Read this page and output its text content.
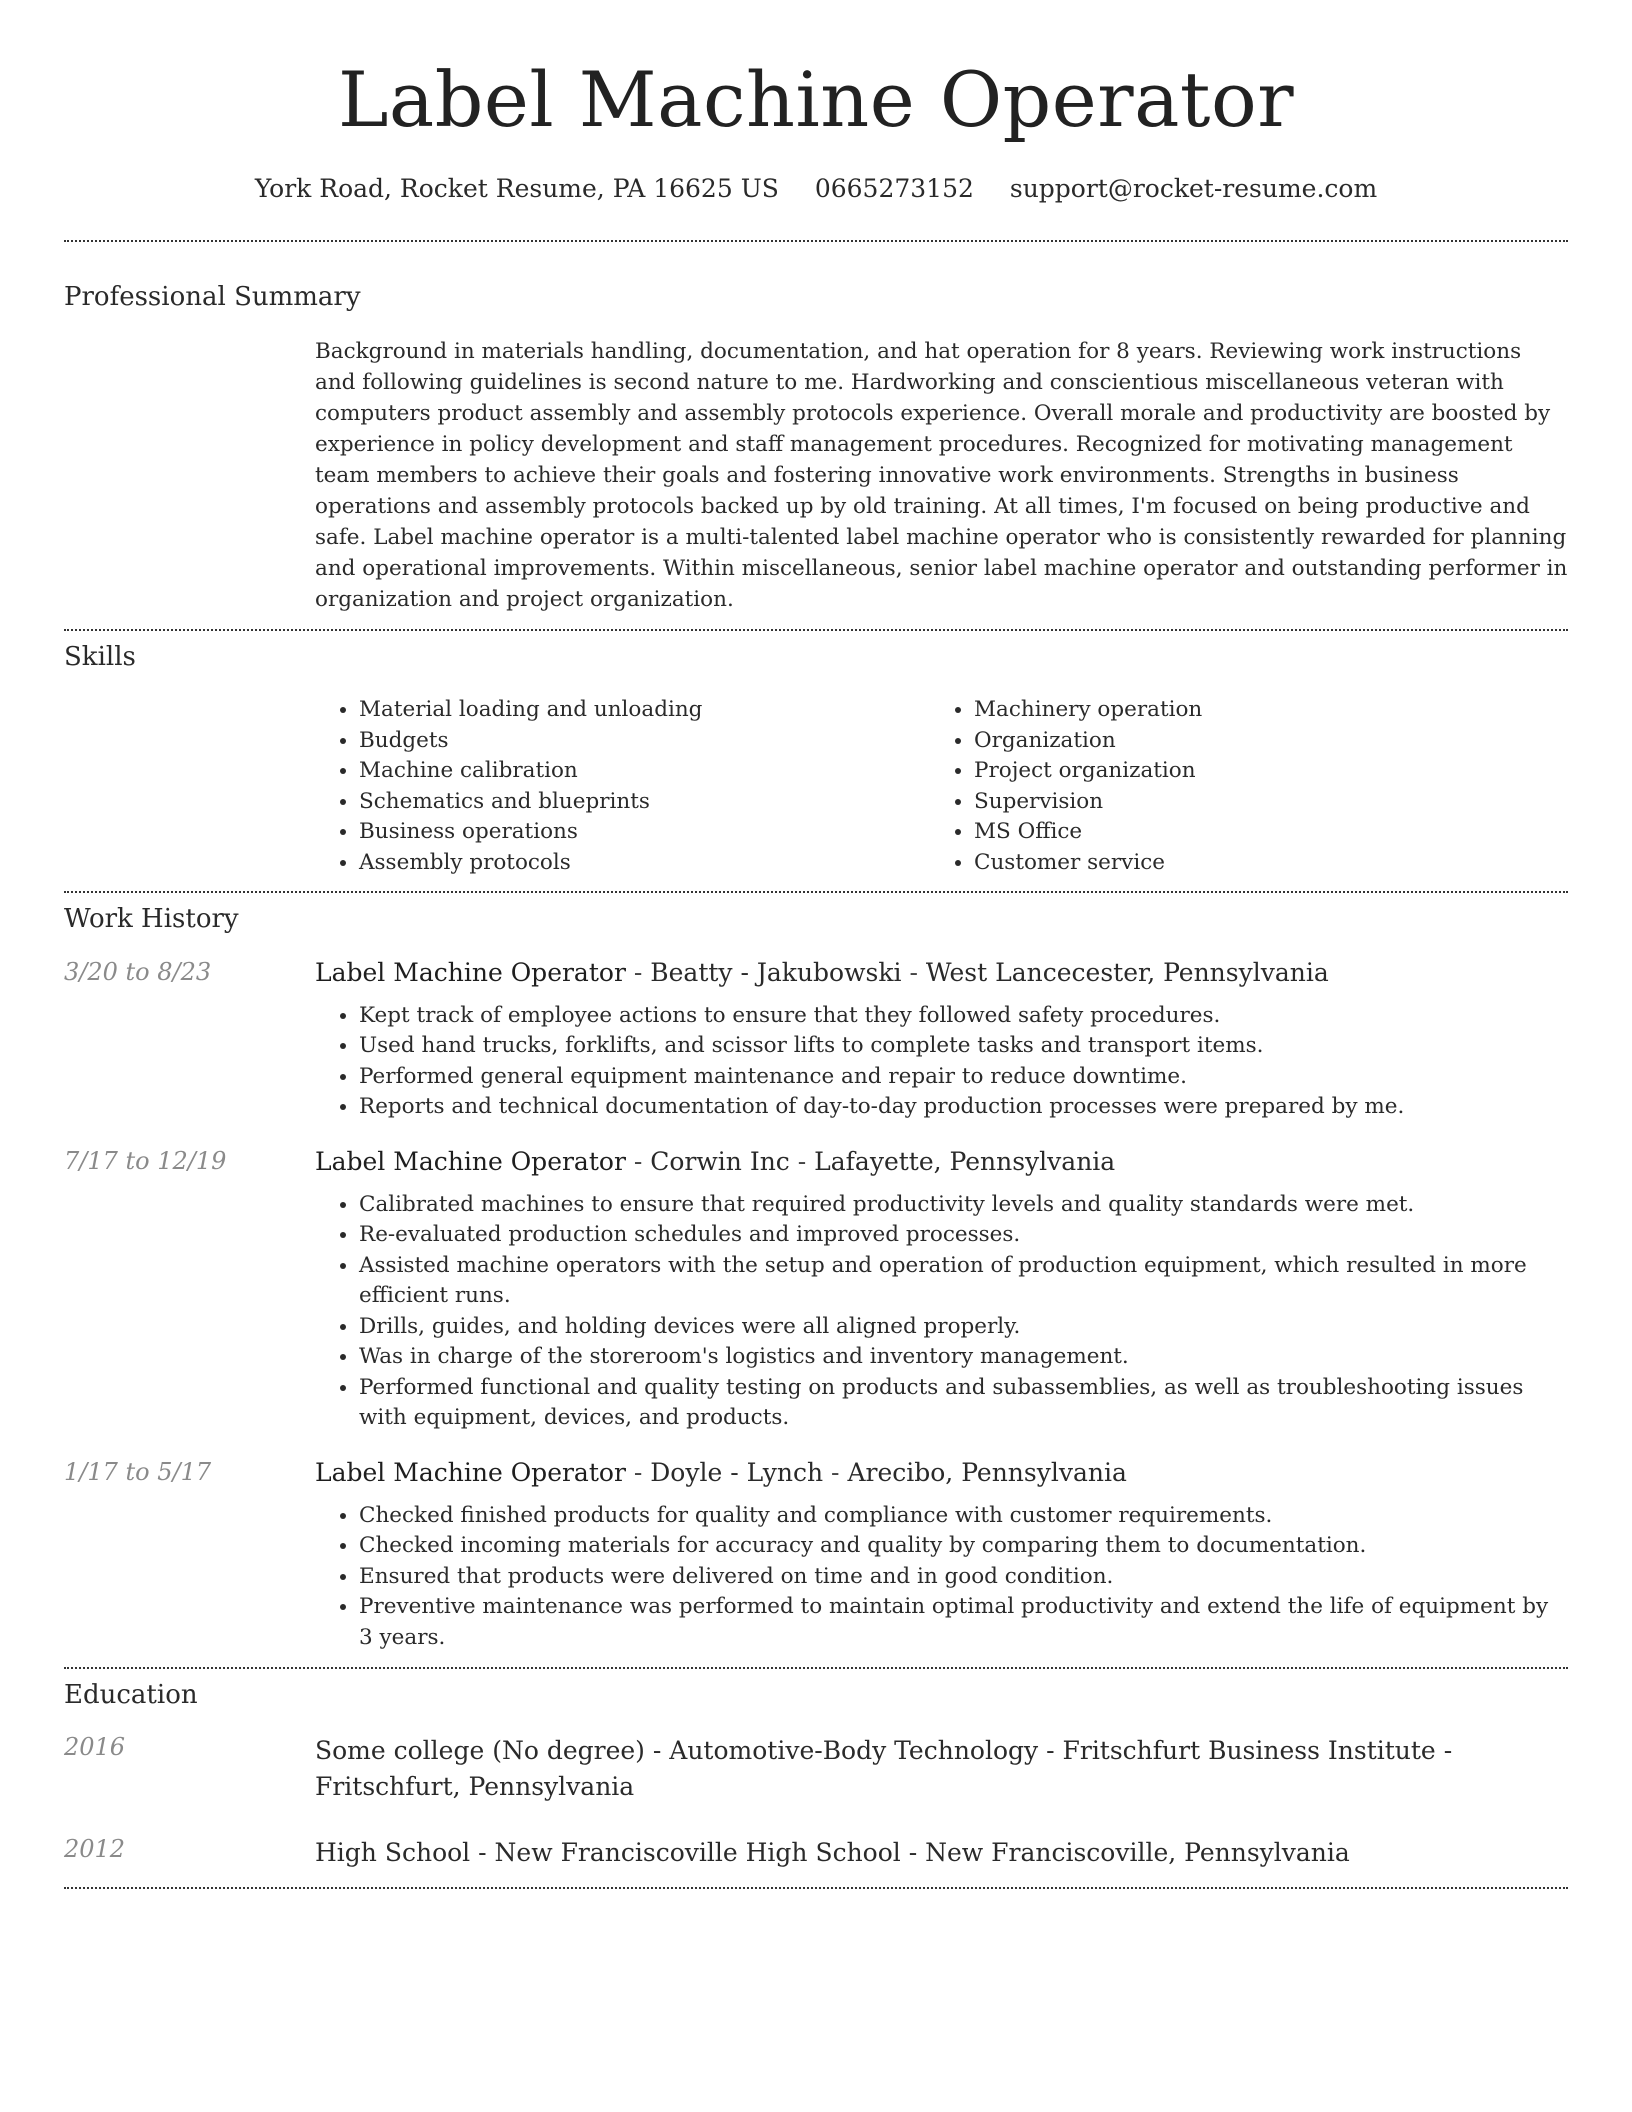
Label Machine Operator
York Road, Rocket Resume, PA 16625 US 0665273152 support@rocket-resume.com
Professional Summary

Background in materials handling, documentation, and hat operation for 8 years. Reviewing work instructions and following guidelines is second nature to me. Hardworking and conscientious miscellaneous veteran with computers product assembly and assembly protocols experience. Overall morale and productivity are boosted by experience in policy development and staff management procedures. Recognized for motivating management team members to achieve their goals and fostering innovative work environments. Strengths in business operations and assembly protocols backed up by old training. At all times, I'm focused on being productive and safe. Label machine operator is a multi-talented label machine operator who is consistently rewarded for planning and operational improvements. Within miscellaneous, senior label machine operator and outstanding performer in organization and project organization.

Skills
• Material loading and unloading
• Budgets
• Machine calibration
• Schematics and blueprints
• Business operations
• Assembly protocols
• Machinery operation
• Organization
• Project organization
• Supervision
• MS Office
• Customer service
Work History
3/20 to 8/23	Label Machine Operator - Beatty - Jakubowski - West Lancecester, Pennsylvania
• Kept track of employee actions to ensure that they followed safety procedures.
• Used hand trucks, forklifts, and scissor lifts to complete tasks and transport items.
• Performed general equipment maintenance and repair to reduce downtime.
• Reports and technical documentation of day-to-day production processes were prepared by me.
7/17 to 12/19	Label Machine Operator - Corwin Inc - Lafayette, Pennsylvania
• Calibrated machines to ensure that required productivity levels and quality standards were met.
• Re-evaluated production schedules and improved processes.
• Assisted machine operators with the setup and operation of production equipment, which resulted in more efficient runs.
• Drills, guides, and holding devices were all aligned properly.
• Was in charge of the storeroom's logistics and inventory management.
• Performed functional and quality testing on products and subassemblies, as well as troubleshooting issues with equipment, devices, and products.
1/17 to 5/17	Label Machine Operator - Doyle - Lynch - Arecibo, Pennsylvania
• Checked finished products for quality and compliance with customer requirements.
• Checked incoming materials for accuracy and quality by comparing them to documentation.
• Ensured that products were delivered on time and in good condition.
• Preventive maintenance was performed to maintain optimal productivity and extend the life of equipment by 3 years.
Education
2016	Some college (No degree) - Automotive-Body Technology - Fritschfurt Business Institute - Fritschfurt, Pennsylvania
2012	High School - New Franciscoville High School - New Franciscoville, Pennsylvania
